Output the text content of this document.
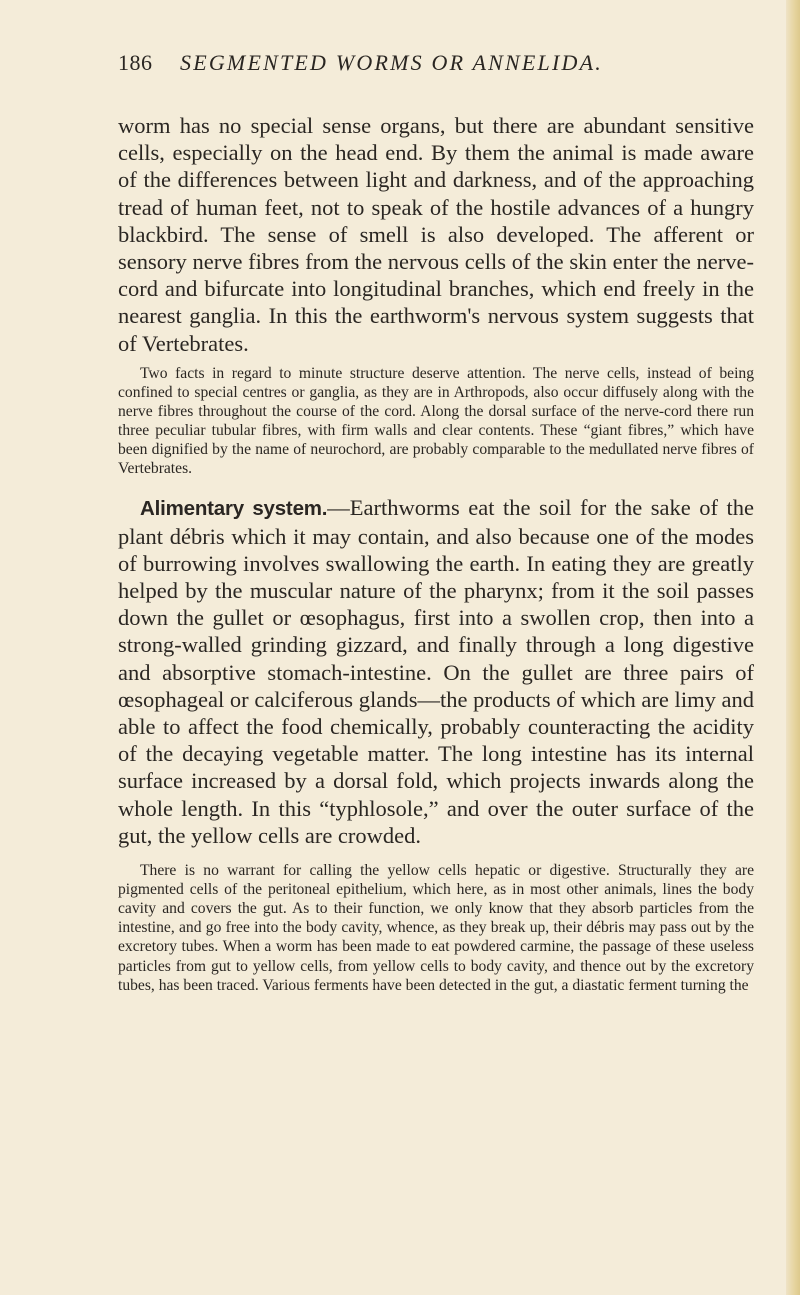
186 SEGMENTED WORMS OR ANNELIDA.

worm has no special sense organs, but there are abundant sensitive cells, especially on the head end. By them the animal is made aware of the differences between light and darkness, and of the approaching tread of human feet, not to speak of the hostile advances of a hungry blackbird. The sense of smell is also developed. The afferent or sensory nerve fibres from the nervous cells of the skin enter the nerve-cord and bifurcate into longitudinal branches, which end freely in the nearest ganglia. In this the earthworm's nervous system suggests that of Vertebrates.

Two facts in regard to minute structure deserve attention. The nerve cells, instead of being confined to special centres or ganglia, as they are in Arthropods, also occur diffusely along with the nerve fibres throughout the course of the cord. Along the dorsal surface of the nerve-cord there run three peculiar tubular fibres, with firm walls and clear contents. These “giant fibres,” which have been dignified by the name of neurochord, are probably comparable to the medullated nerve fibres of Vertebrates.

Alimentary system.—Earthworms eat the soil for the sake of the plant débris which it may contain, and also because one of the modes of burrowing involves swallowing the earth. In eating they are greatly helped by the muscular nature of the pharynx; from it the soil passes down the gullet or œsophagus, first into a swollen crop, then into a strong-walled grinding gizzard, and finally through a long digestive and absorptive stomach-intestine. On the gullet are three pairs of œsophageal or calciferous glands—the products of which are limy and able to affect the food chemically, probably counteracting the acidity of the decaying vegetable matter. The long intestine has its internal surface increased by a dorsal fold, which projects inwards along the whole length. In this “typhlosole,” and over the outer surface of the gut, the yellow cells are crowded.

There is no warrant for calling the yellow cells hepatic or digestive. Structurally they are pigmented cells of the peritoneal epithelium, which here, as in most other animals, lines the body cavity and covers the gut. As to their function, we only know that they absorb particles from the intestine, and go free into the body cavity, whence, as they break up, their débris may pass out by the excretory tubes. When a worm has been made to eat powdered carmine, the passage of these useless particles from gut to yellow cells, from yellow cells to body cavity, and thence out by the excretory tubes, has been traced. Various ferments have been detected in the gut, a diastatic ferment turning the
